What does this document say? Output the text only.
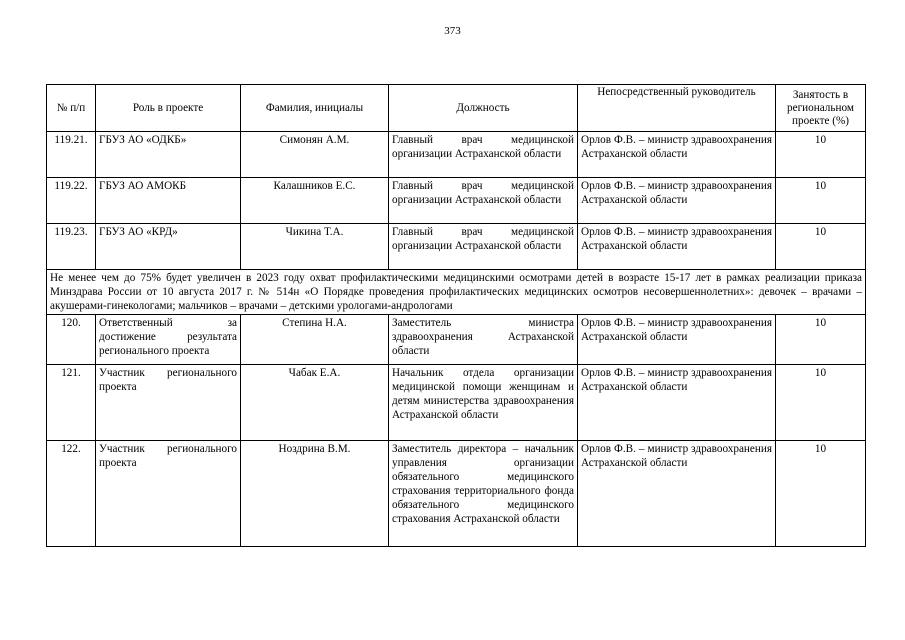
373
№ п/п	Роль в проекте	Фамилия, инициалы	Должность	Непосредственный руководитель	Занятость в региональном проекте (%)
119.21.	ГБУЗ АО «ОДКБ»	Симонян А.М.	Главный врач медицинской организации Астраханской области	Орлов Ф.В. – министр здравоохранения Астраханской области	10
119.22.	ГБУЗ АО АМОКБ	Калашников Е.С.	Главный врач медицинской организации Астраханской области	Орлов Ф.В. – министр здравоохранения Астраханской области	10
119.23.	ГБУЗ АО «КРД»	Чикина Т.А.	Главный врач медицинской организации Астраханской области	Орлов Ф.В. – министр здравоохранения Астраханской области	10
Не менее чем до 75% будет увеличен в 2023 году охват профилактическими медицинскими осмотрами детей в возрасте 15-17 лет в рамках реализации приказа Минздрава России от 10 августа 2017 г. № 514н «О Порядке проведения профилактических медицинских осмотров несовершеннолетних»: девочек – врачами – акушерами-гинекологами; мальчиков – врачами – детскими урологами-андрологами					
120.	Ответственный за достижение результата регионального проекта	Степина Н.А.	Заместитель министра здравоохранения Астраханской области	Орлов Ф.В. – министр здравоохранения Астраханской области	10
121.	Участник регионального проекта	Чабак Е.А.	Начальник отдела организации медицинской помощи женщинам и детям министерства здравоохранения Астраханской области	Орлов Ф.В. – министр здравоохранения Астраханской области	10
122.	Участник регионального проекта	Ноздрина В.М.	Заместитель директора – начальник управления организации обязательного медицинского страхования территориального фонда обязательного медицинского страхования Астраханской области	Орлов Ф.В. – министр здравоохранения Астраханской области	10
